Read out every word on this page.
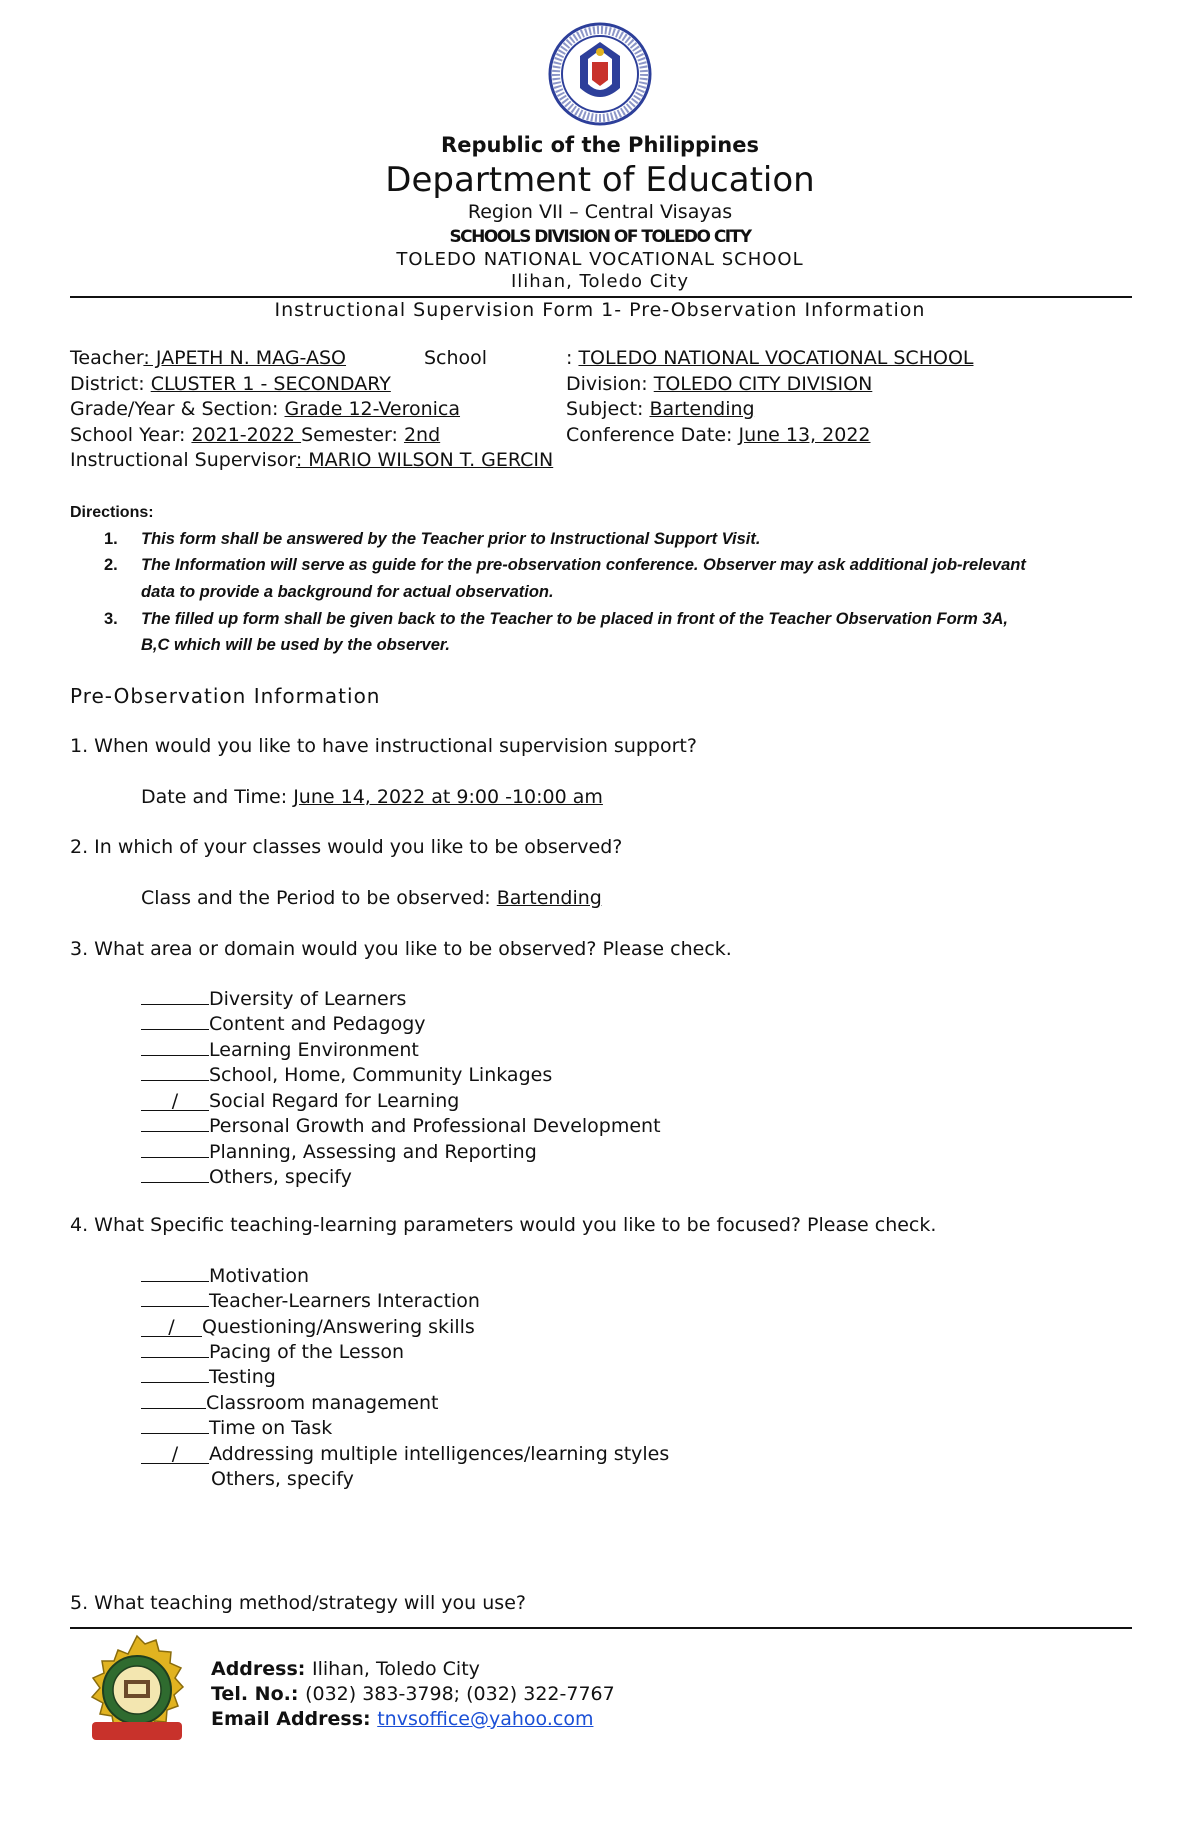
Republic of the Philippines
Department of Education
Region VII – Central Visayas
SCHOOLS DIVISION OF TOLEDO CITY
TOLEDO NATIONAL VOCATIONAL SCHOOL
Ilihan, Toledo City
Instructional Supervision Form 1- Pre-Observation Information
Teacher: JAPETH N. MAG-ASO	School	: TOLEDO NATIONAL VOCATIONAL SCHOOL
District: CLUSTER 1 - SECONDARY	Division: TOLEDO CITY DIVISION
Grade/Year & Section: Grade 12-Veronica	Subject: Bartending
School Year: 2021-2022 Semester: 2nd	Conference Date: June 13, 2022
Instructional Supervisor: MARIO WILSON T. GERCIN
Directions:
1. This form shall be answered by the Teacher prior to Instructional Support Visit.
2. The Information will serve as guide for the pre-observation conference. Observer may ask additional job-relevant
data to provide a background for actual observation.
3. The filled up form shall be given back to the Teacher to be placed in front of the Teacher Observation Form 3A,
B,C which will be used by the observer.
Pre-Observation Information
1. When would you like to have instructional supervision support?
Date and Time: June 14, 2022 at 9:00 -10:00 am
2. In which of your classes would you like to be observed?
Class and the Period to be observed: Bartending
3. What area or domain would you like to be observed? Please check.
Diversity of Learners
Content and Pedagogy
Learning Environment
School, Home, Community Linkages
/ Social Regard for Learning
Personal Growth and Professional Development
Planning, Assessing and Reporting
Others, specify
4. What Specific teaching-learning parameters would you like to be focused? Please check.
Motivation
Teacher-Learners Interaction
/ Questioning/Answering skills
Pacing of the Lesson
Testing
Classroom management
Time on Task
/ Addressing multiple intelligences/learning styles
Others, specify
5. What teaching method/strategy will you use?
Address: Ilihan, Toledo City
Tel. No.: (032) 383-3798; (032) 322-7767
Email Address: tnvsoffice@yahoo.com
